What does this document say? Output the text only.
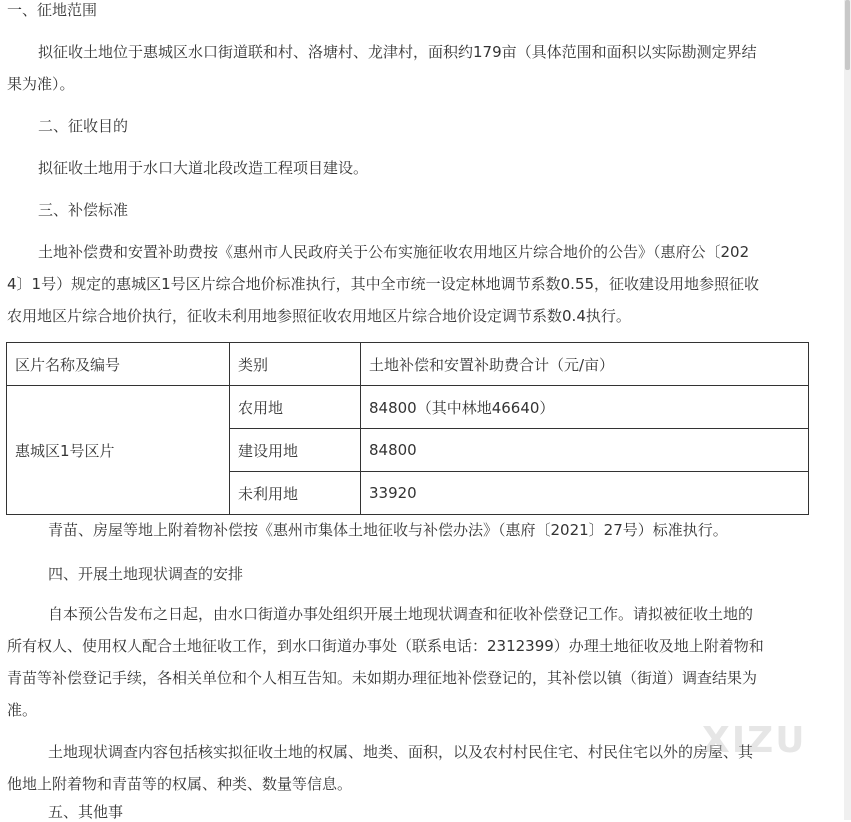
一、征地范围
拟征收土地位于惠城区水口街道联和村、洛塘村、龙津村，面积约179亩（具体范围和面积以实际勘测定界结
果为准）。
二、征收目的
拟征收土地用于水口大道北段改造工程项目建设。
三、补偿标准
土地补偿费和安置补助费按《惠州市人民政府关于公布实施征收农用地区片综合地价的公告》（惠府公〔202
4〕1号）规定的惠城区1号区片综合地价标准执行，其中全市统一设定林地调节系数0.55，征收建设用地参照征收
农用地区片综合地价执行，征收未利用地参照征收农用地区片综合地价设定调节系数0.4执行。
区片名称及编号	类别	土地补偿和安置补助费合计（元/亩）
惠城区1号区片	农用地	84800（其中林地46640）
	建设用地	84800
	未利用地	33920
青苗、房屋等地上附着物补偿按《惠州市集体土地征收与补偿办法》（惠府〔2021〕27号）标准执行。
四、开展土地现状调查的安排
自本预公告发布之日起，由水口街道办事处组织开展土地现状调查和征收补偿登记工作。请拟被征收土地的
所有权人、使用权人配合土地征收工作，到水口街道办事处（联系电话：2312399）办理土地征收及地上附着物和
青苗等补偿登记手续，各相关单位和个人相互告知。未如期办理征地补偿登记的，其补偿以镇（街道）调查结果为
准。
土地现状调查内容包括核实拟征收土地的权属、地类、面积，以及农村村民住宅、村民住宅以外的房屋、其
他地上附着物和青苗等的权属、种类、数量等信息。
五、其他事
XIZU
